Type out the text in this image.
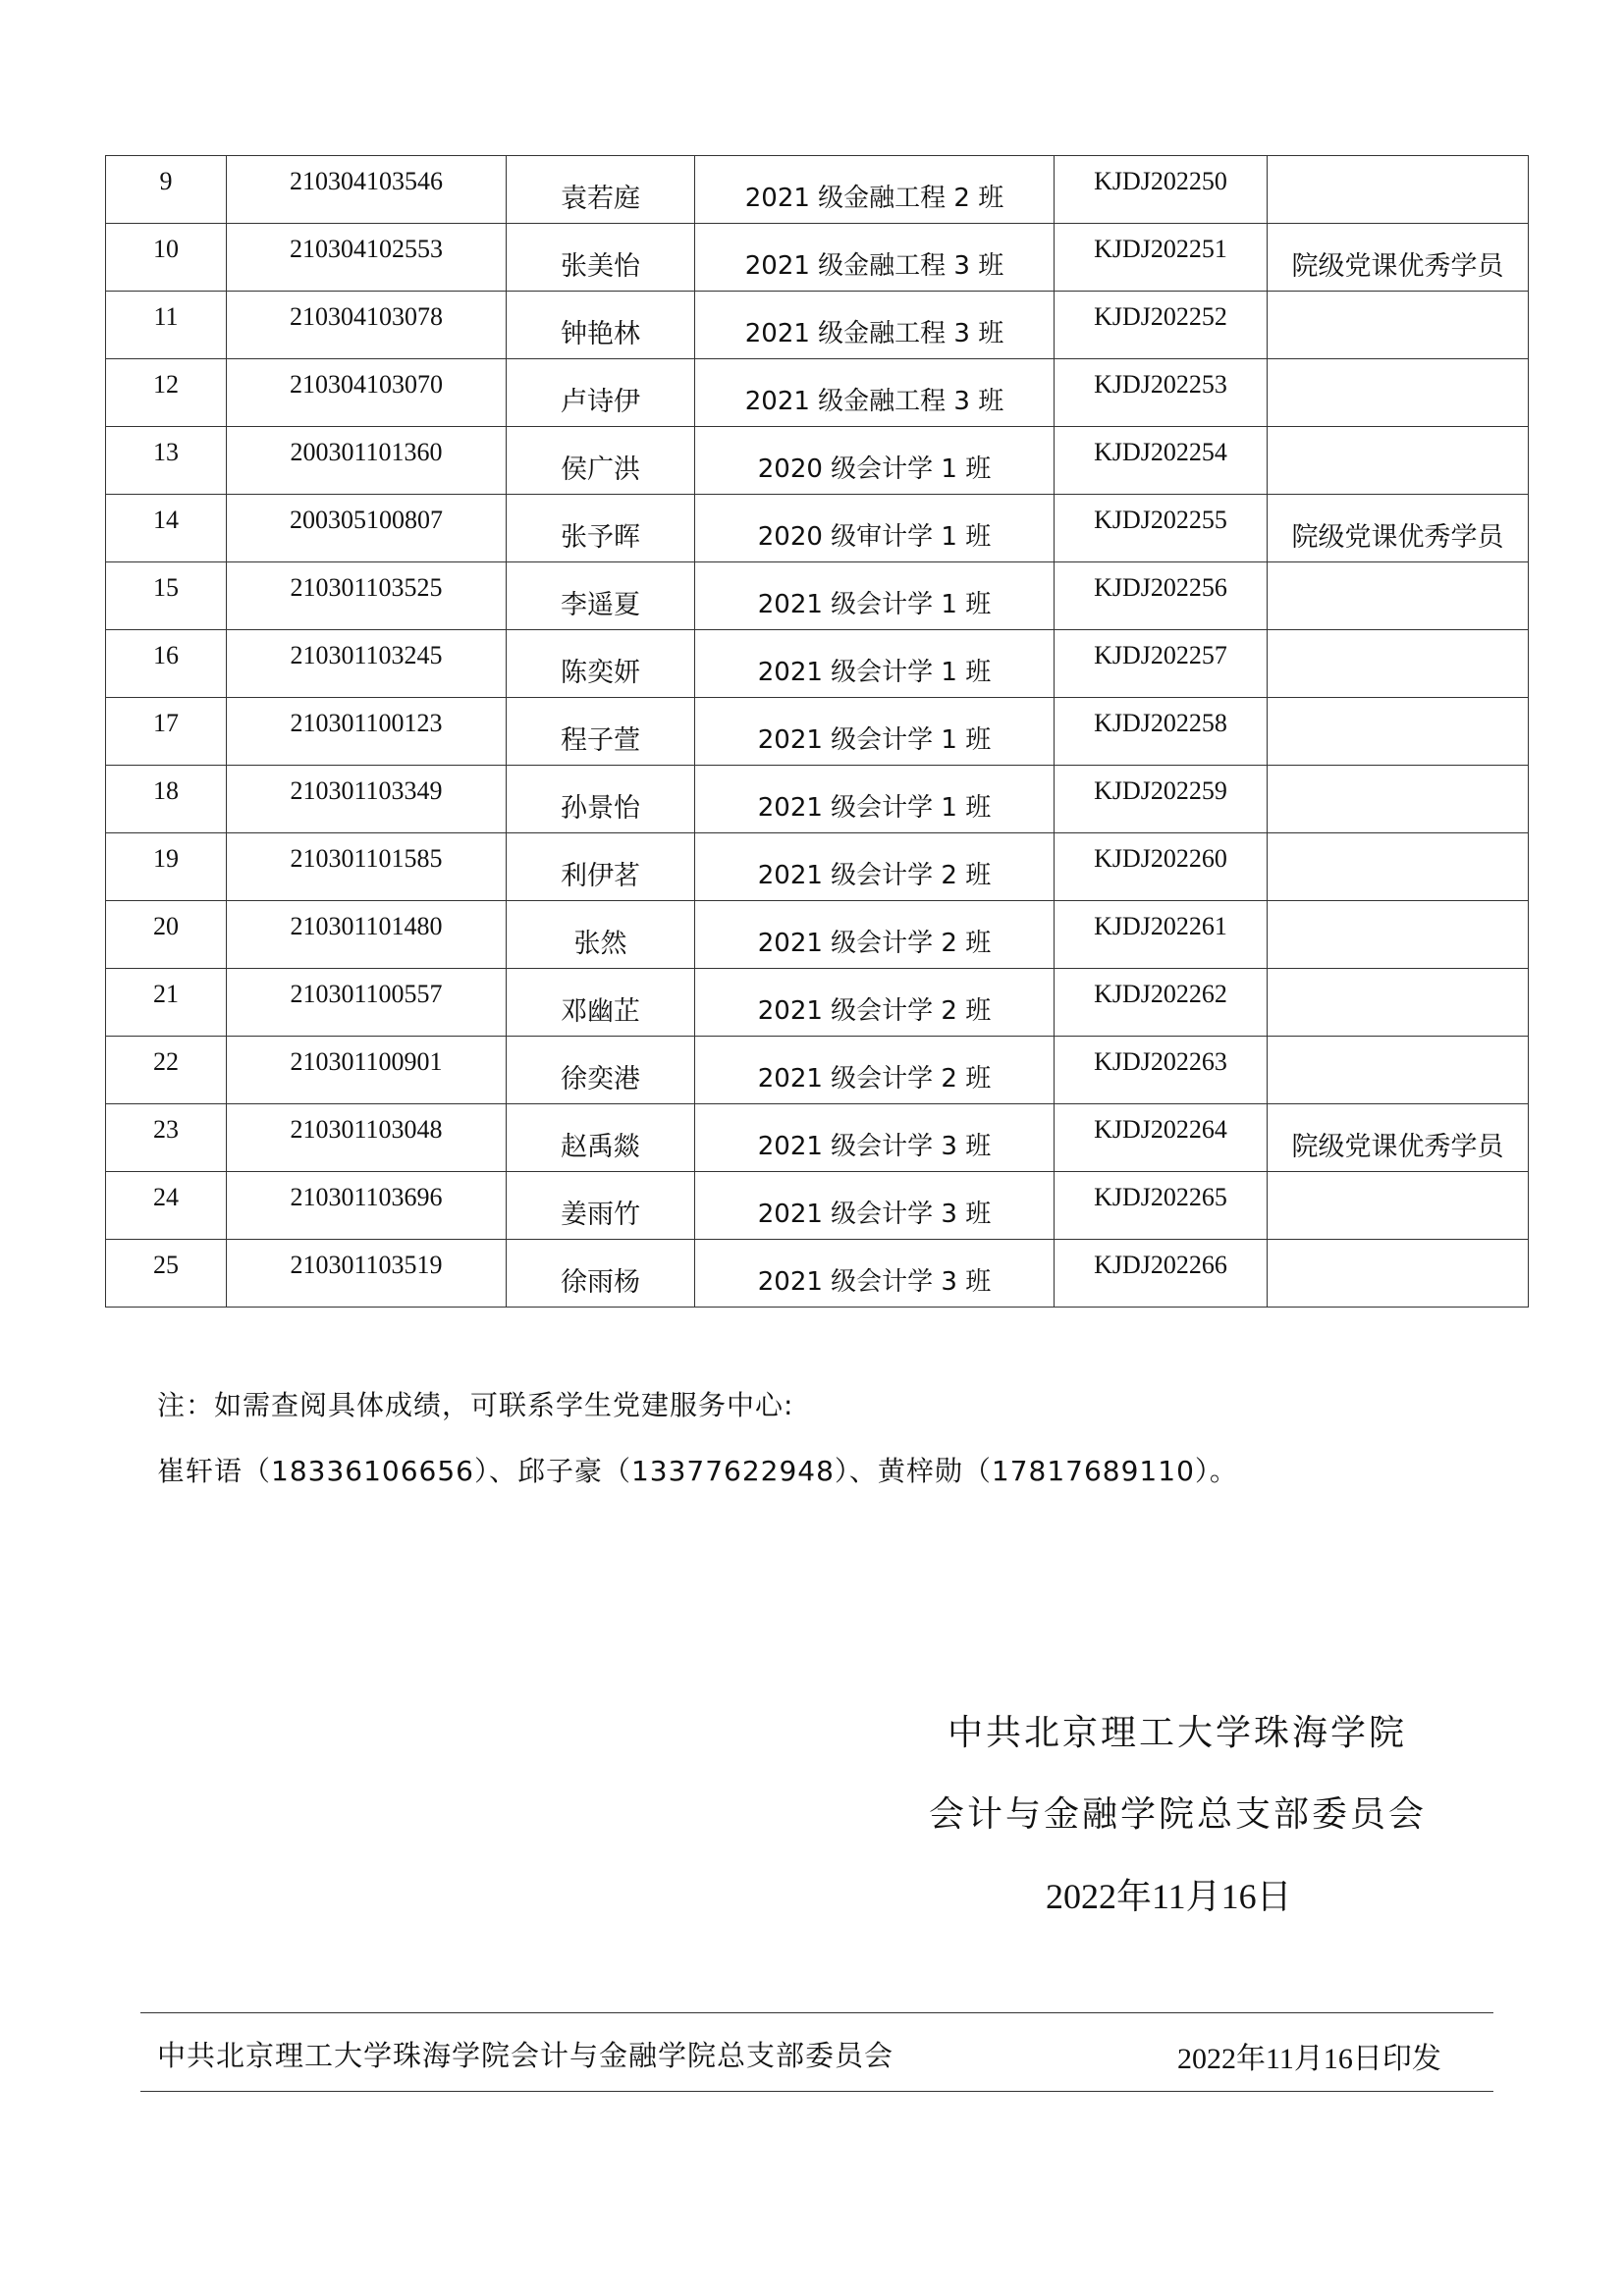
9	210304103546	袁若庭	2021 级金融工程 2 班	KJDJ202250	
10	210304102553	张美怡	2021 级金融工程 3 班	KJDJ202251	院级党课优秀学员
11	210304103078	钟艳林	2021 级金融工程 3 班	KJDJ202252	
12	210304103070	卢诗伊	2021 级金融工程 3 班	KJDJ202253	
13	200301101360	侯广洪	2020 级会计学 1 班	KJDJ202254	
14	200305100807	张予晖	2020 级审计学 1 班	KJDJ202255	院级党课优秀学员
15	210301103525	李遥夏	2021 级会计学 1 班	KJDJ202256	
16	210301103245	陈奕妍	2021 级会计学 1 班	KJDJ202257	
17	210301100123	程子萱	2021 级会计学 1 班	KJDJ202258	
18	210301103349	孙景怡	2021 级会计学 1 班	KJDJ202259	
19	210301101585	利伊茗	2021 级会计学 2 班	KJDJ202260	
20	210301101480	张然	2021 级会计学 2 班	KJDJ202261	
21	210301100557	邓幽芷	2021 级会计学 2 班	KJDJ202262	
22	210301100901	徐奕港	2021 级会计学 2 班	KJDJ202263	
23	210301103048	赵禹燚	2021 级会计学 3 班	KJDJ202264	院级党课优秀学员
24	210301103696	姜雨竹	2021 级会计学 3 班	KJDJ202265	
25	210301103519	徐雨杨	2021 级会计学 3 班	KJDJ202266	
注：如需查阅具体成绩，可联系学生党建服务中心:
崔轩语（18336106656）、邱子豪（13377622948）、黄梓勋（17817689110）。
中共北京理工大学珠海学院
会计与金融学院总支部委员会
2022年11月16日
中共北京理工大学珠海学院会计与金融学院总支部委员会	2022年11月16日印发
